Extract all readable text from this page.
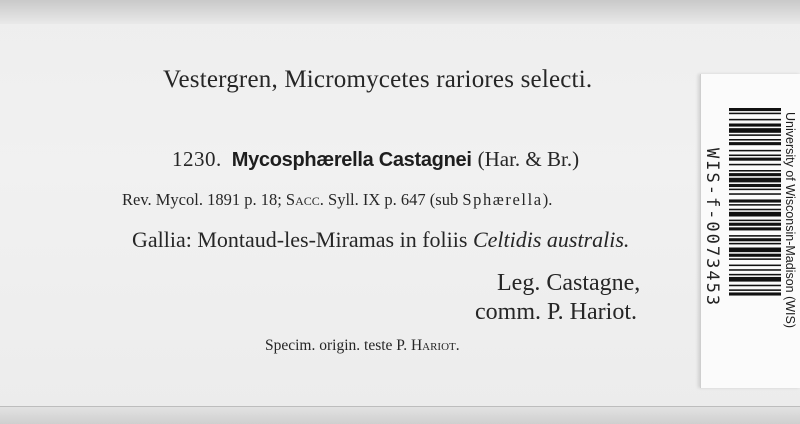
Vestergren, Micromycetes rariores selecti.
1230. Mycosphærella Castagnei (Har. & Br.)
Rev. Mycol. 1891 p. 18; Sacc. Syll. IX p. 647 (sub Sphærella).
Gallia: Montaud-les-Miramas in foliis Celtidis australis.
Leg. Castagne,
comm. P. Hariot.
Specim. origin. teste P. Hariot.
WIS-f-0073453	University of Wisconsin-Madison (WIS)
